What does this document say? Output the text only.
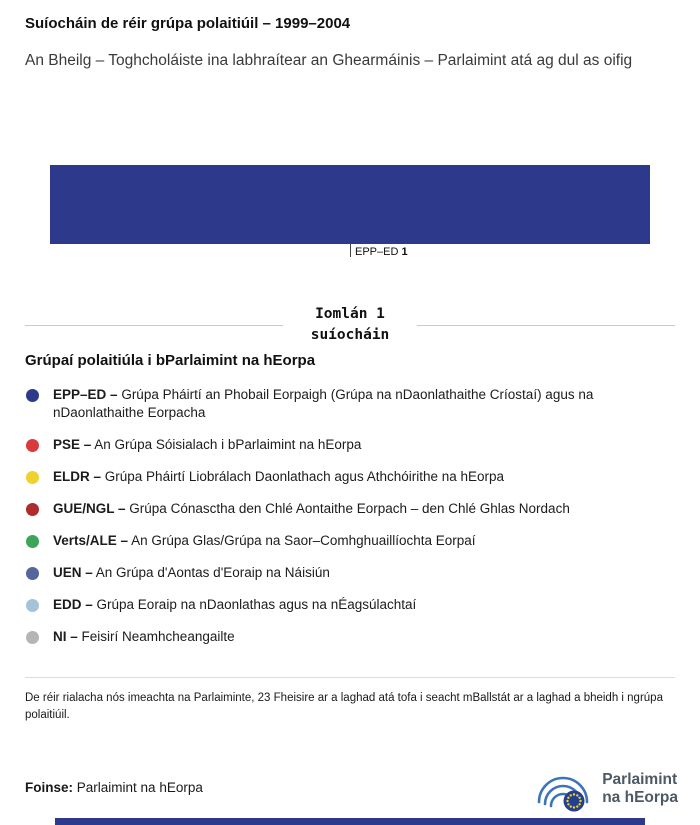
Suíocháin de réir grúpa polaitiúil – 1999–2004

An Bheilg – Toghcholáiste ina labhraítear an Ghearmáinis – Parlaimint atá ag dul as oifig

EPP–ED 1
Iomlán 1
suíocháin
Grúpaí polaitiúla i bParlaimint na hEorpa
EPP–ED – Grúpa Pháirtí an Phobail Eorpaigh (Grúpa na nDaonlathaithe Críostaí) agus na nDaonlathaithe Eorpacha
PSE – An Grúpa Sóisialach i bParlaimint na hEorpa
ELDR – Grúpa Pháirtí Liobrálach Daonlathach agus Athchóirithe na hEorpa
GUE/NGL – Grúpa Cónasctha den Chlé Aontaithe Eorpach – den Chlé Ghlas Nordach
Verts/ALE – An Grúpa Glas/Grúpa na Saor–Comhghuaillíochta Eorpaí
UEN – An Grúpa d'Aontas d'Eoraip na Náisiún
EDD – Grúpa Eoraip na nDaonlathas agus na nÉagsúlachtaí
NI – Feisirí Neamhcheangailte

De réir rialacha nós imeachta na Parlaiminte, 23 Fheisire ar a laghad atá tofa i seacht mBallstát ar a laghad a bheidh i ngrúpa polaitiúil.

Foinse: Parlaimint na hEorpa	Parlaimint
na hEorpa
